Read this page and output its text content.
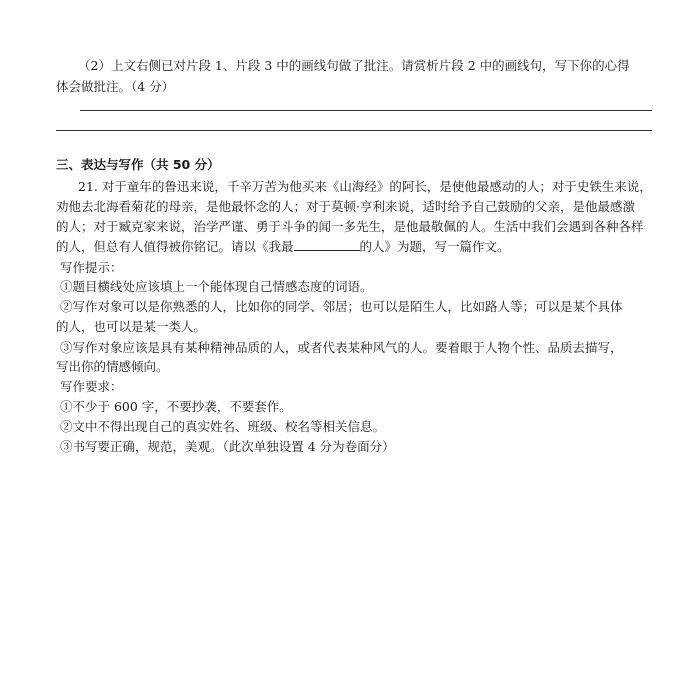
（2）上文右侧已对片段 1、片段 3 中的画线句做了批注。请赏析片段 2 中的画线句，写下你的心得
体会做批注。（4 分）
三、表达与写作（共 50 分）
21. 对于童年的鲁迅来说，千辛万苦为他买来《山海经》的阿长，是使他最感动的人；对于史铁生来说，
劝他去北海看菊花的母亲，是他最怀念的人；对于莫顿·亨利来说，适时给予自己鼓励的父亲，是他最感激
的人；对于臧克家来说，治学严谨、勇于斗争的闻一多先生，是他最敬佩的人。生活中我们会遇到各种各样
的人，但总有人值得被你铭记。请以《我最	的人》为题，写一篇作文。
写作提示：
①题目横线处应该填上一个能体现自己情感态度的词语。
②写作对象可以是你熟悉的人，比如你的同学、邻居；也可以是陌生人，比如路人等；可以是某个具体
的人，也可以是某一类人。
③写作对象应该是具有某种精神品质的人，或者代表某种风气的人。要着眼于人物个性、品质去描写，
写出你的情感倾向。
写作要求：
①不少于 600 字，不要抄袭，不要套作。
②文中不得出现自己的真实姓名、班级、校名等相关信息。
③书写要正确，规范，美观。（此次单独设置 4 分为卷面分）
